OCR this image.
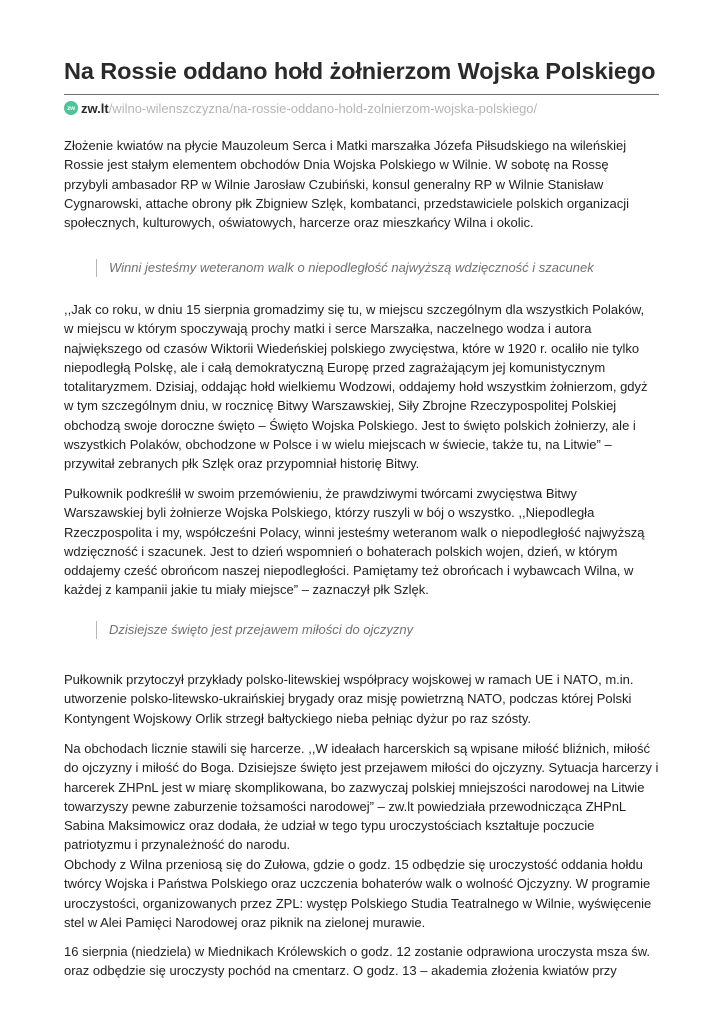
Na Rossie oddano hołd żołnierzom Wojska Polskiego
zw zw.lt /wilno-wilenszczyzna/na-rossie-oddano-hold-zolnierzom-wojska-polskiego/
Złożenie kwiatów na płycie Mauzoleum Serca i Matki marszałka Józefa Piłsudskiego na wileńskiej
Rossie jest stałym elementem obchodów Dnia Wojska Polskiego w Wilnie. W sobotę na Rossę
przybyli ambasador RP w Wilnie Jarosław Czubiński, konsul generalny RP w Wilnie Stanisław
Cygnarowski, attache obrony płk Zbigniew Szlęk, kombatanci, przedstawiciele polskich organizacji
społecznych, kulturowych, oświatowych, harcerze oraz mieszkańcy Wilna i okolic.
Winni jesteśmy weteranom walk o niepodległość najwyższą wdzięczność i szacunek
,,Jak co roku, w dniu 15 sierpnia gromadzimy się tu, w miejscu szczególnym dla wszystkich Polaków,
w miejscu w którym spoczywają prochy matki i serce Marszałka, naczelnego wodza i autora
największego od czasów Wiktorii Wiedeńskiej polskiego zwycięstwa, które w 1920 r. ocaliło nie tylko
niepodległą Polskę, ale i całą demokratyczną Europę przed zagrażającym jej komunistycznym
totalitaryzmem. Dzisiaj, oddając hołd wielkiemu Wodzowi, oddajemy hołd wszystkim żołnierzom, gdyż
w tym szczególnym dniu, w rocznicę Bitwy Warszawskiej, Siły Zbrojne Rzeczypospolitej Polskiej
obchodzą swoje doroczne święto – Święto Wojska Polskiego. Jest to święto polskich żołnierzy, ale i
wszystkich Polaków, obchodzone w Polsce i w wielu miejscach w świecie, także tu, na Litwie” –
przywitał zebranych płk Szlęk oraz przypomniał historię Bitwy.
Pułkownik podkreślił w swoim przemówieniu, że prawdziwymi twórcami zwycięstwa Bitwy
Warszawskiej byli żołnierze Wojska Polskiego, którzy ruszyli w bój o wszystko. ,,Niepodległa
Rzeczpospolita i my, współcześni Polacy, winni jesteśmy weteranom walk o niepodległość najwyższą
wdzięczność i szacunek. Jest to dzień wspomnień o bohaterach polskich wojen, dzień, w którym
oddajemy cześć obrońcom naszej niepodległości. Pamiętamy też obrońcach i wybawcach Wilna, w
każdej z kampanii jakie tu miały miejsce” – zaznaczył płk Szlęk.
Dzisiejsze święto jest przejawem miłości do ojczyzny
Pułkownik przytoczył przykłady polsko-litewskiej współpracy wojskowej w ramach UE i NATO, m.in.
utworzenie polsko-litewsko-ukraińskiej brygady oraz misję powietrzną NATO, podczas której Polski
Kontyngent Wojskowy Orlik strzegł bałtyckiego nieba pełniąc dyżur po raz szósty.
Na obchodach licznie stawili się harcerze. ,,W ideałach harcerskich są wpisane miłość bliźnich, miłość
do ojczyzny i miłość do Boga. Dzisiejsze święto jest przejawem miłości do ojczyzny. Sytuacja harcerzy i
harcerek ZHPnL jest w miarę skomplikowana, bo zazwyczaj polskiej mniejszości narodowej na Litwie
towarzyszy pewne zaburzenie tożsamości narodowej” – zw.lt powiedziała przewodnicząca ZHPnL
Sabina Maksimowicz oraz dodała, że udział w tego typu uroczystościach kształtuje poczucie
patriotyzmu i przynależność do narodu.
Obchody z Wilna przeniosą się do Zułowa, gdzie o godz. 15 odbędzie się uroczystość oddania hołdu
twórcy Wojska i Państwa Polskiego oraz uczczenia bohaterów walk o wolność Ojczyzny. W programie
uroczystości, organizowanych przez ZPL: występ Polskiego Studia Teatralnego w Wilnie, wyświęcenie
stel w Alei Pamięci Narodowej oraz piknik na zielonej murawie.
16 sierpnia (niedziela) w Miednikach Królewskich o godz. 12 zostanie odprawiona uroczysta msza św.
oraz odbędzie się uroczysty pochód na cmentarz. O godz. 13 – akademia złożenia kwiatów przy
